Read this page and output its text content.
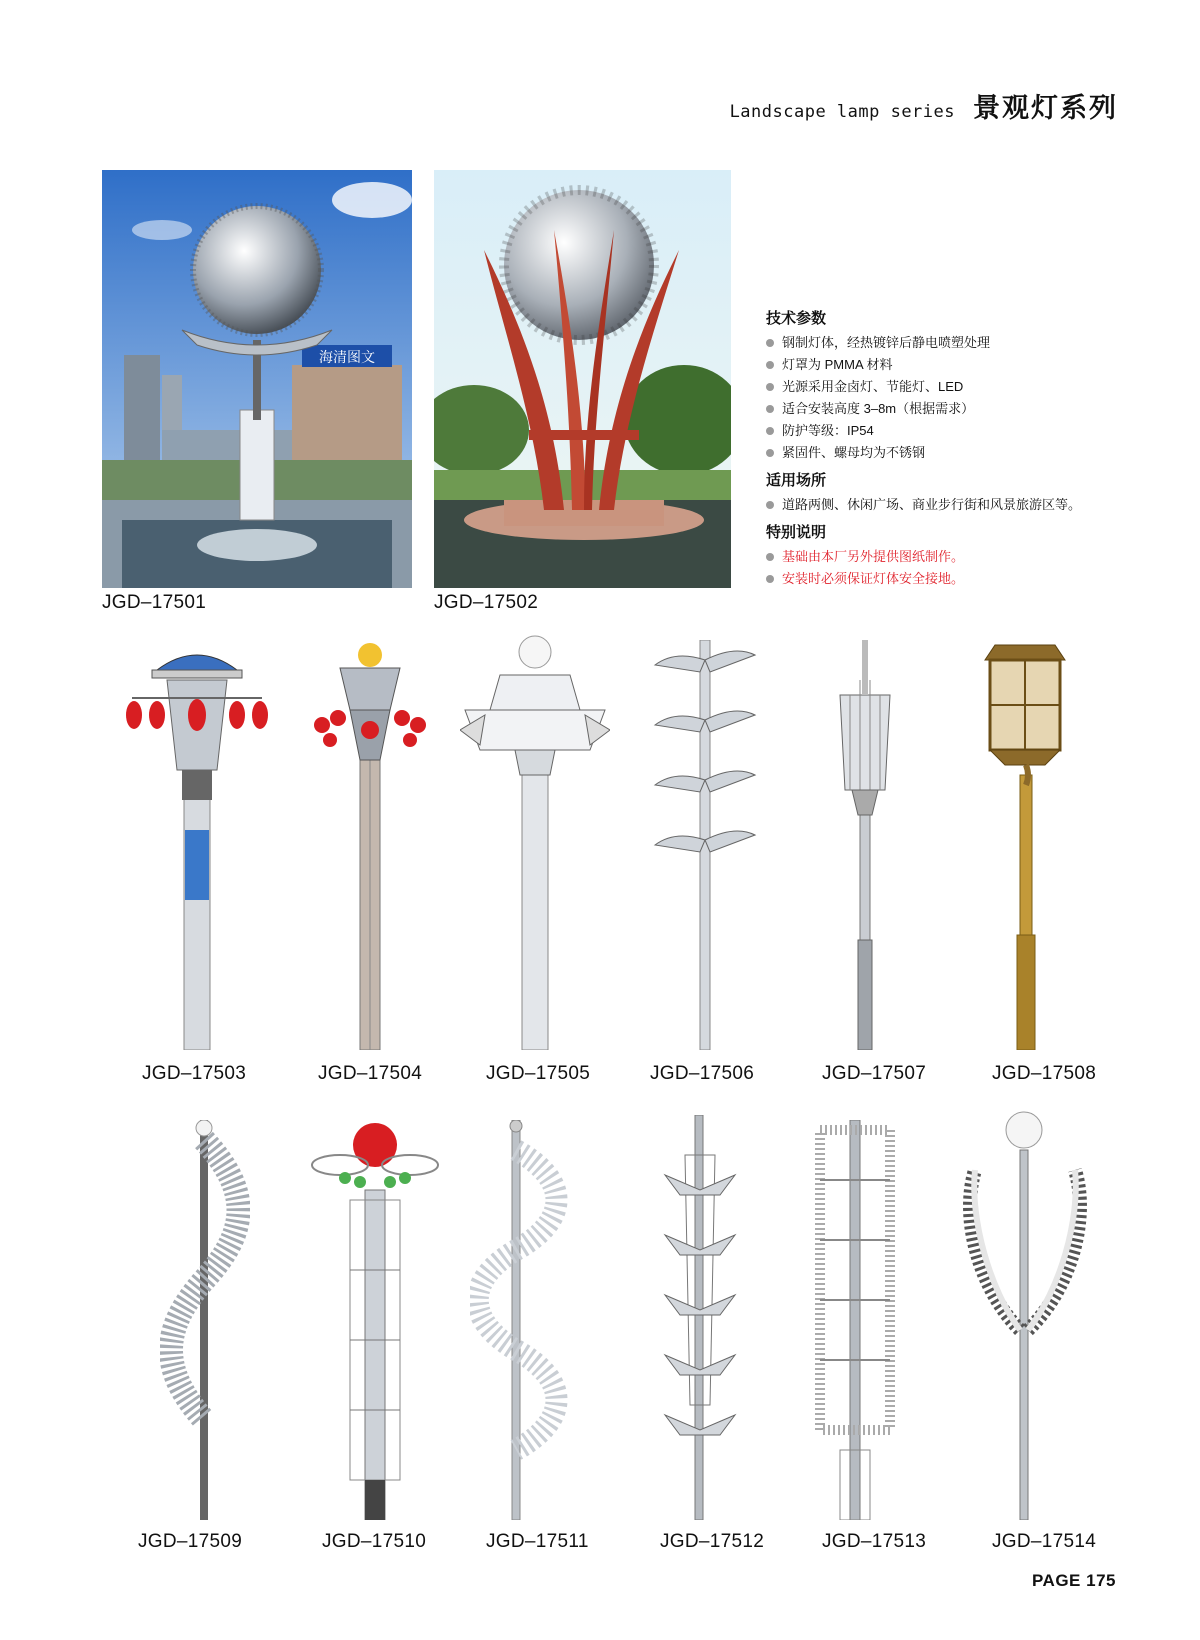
Landscape lamp series 景观灯系列
海清图文
JGD–17501	JGD–17502
技术参数
钢制灯体，经热镀锌后静电喷塑处理
灯罩为 PMMA 材料
光源采用金卤灯、节能灯、LED
适合安装高度 3–8m（根据需求）
防护等级：IP54
紧固件、螺母均为不锈钢
适用场所
道路两侧、休闲广场、商业步行街和风景旅游区等。
特别说明
基础由本厂另外提供图纸制作。
安装时必须保证灯体安全接地。
JGD–17503	JGD–17504	JGD–17505	JGD–17506	JGD–17507	JGD–17508
JGD–17509	JGD–17510	JGD–17511	JGD–17512	JGD–17513	JGD–17514
PAGE 175
